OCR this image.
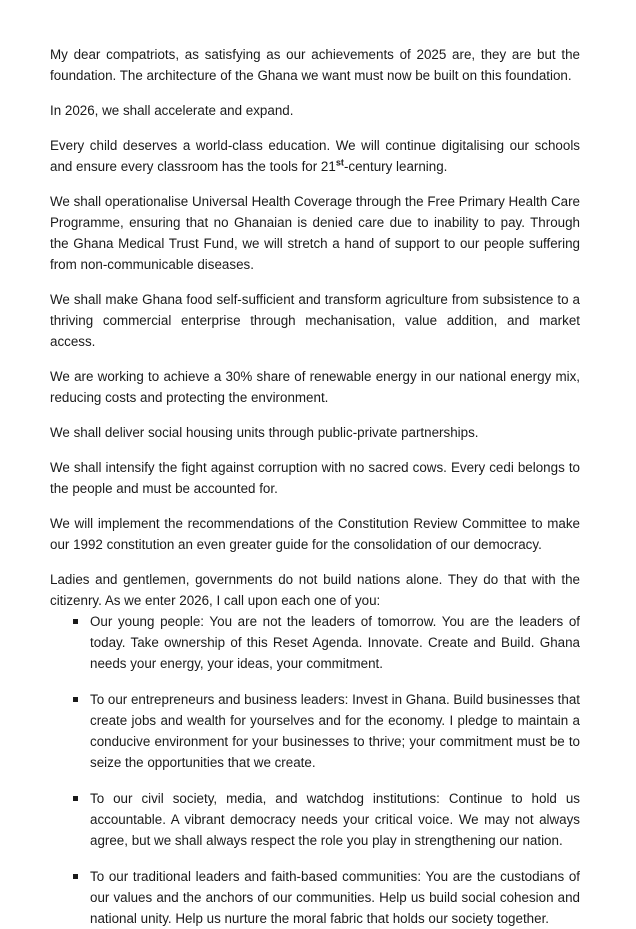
My dear compatriots, as satisfying as our achievements of 2025 are, they are but the foundation. The architecture of the Ghana we want must now be built on this foundation.

In 2026, we shall accelerate and expand.

Every child deserves a world-class education. We will continue digitalising our schools and ensure every classroom has the tools for 21st-century learning.

We shall operationalise Universal Health Coverage through the Free Primary Health Care Programme, ensuring that no Ghanaian is denied care due to inability to pay. Through the Ghana Medical Trust Fund, we will stretch a hand of support to our people suffering from non-communicable diseases.

We shall make Ghana food self-sufficient and transform agriculture from subsistence to a thriving commercial enterprise through mechanisation, value addition, and market access.

We are working to achieve a 30% share of renewable energy in our national energy mix, reducing costs and protecting the environment.

We shall deliver social housing units through public-private partnerships.

We shall intensify the fight against corruption with no sacred cows. Every cedi belongs to the people and must be accounted for.

We will implement the recommendations of the Constitution Review Committee to make our 1992 constitution an even greater guide for the consolidation of our democracy.

Ladies and gentlemen, governments do not build nations alone. They do that with the citizenry. As we enter 2026, I call upon each one of you:

Our young people: You are not the leaders of tomorrow. You are the leaders of today. Take ownership of this Reset Agenda. Innovate. Create and Build. Ghana needs your energy, your ideas, your commitment.
To our entrepreneurs and business leaders: Invest in Ghana. Build businesses that create jobs and wealth for yourselves and for the economy. I pledge to maintain a conducive environment for your businesses to thrive; your commitment must be to seize the opportunities that we create.
To our civil society, media, and watchdog institutions: Continue to hold us accountable. A vibrant democracy needs your critical voice. We may not always agree, but we shall always respect the role you play in strengthening our nation.
To our traditional leaders and faith-based communities: You are the custodians of our values and the anchors of our communities. Help us build social cohesion and national unity. Help us nurture the moral fabric that holds our society together.
